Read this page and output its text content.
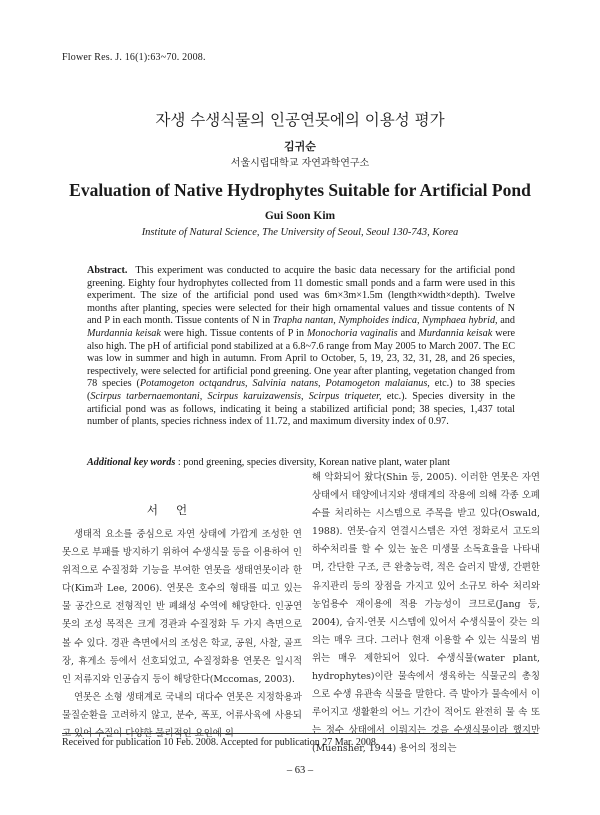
Flower Res. J. 16(1):63~70. 2008.
자생 수생식물의 인공연못에의 이용성 평가
김귀순
서울시립대학교 자연과학연구소
Evaluation of Native Hydrophytes Suitable for Artificial Pond
Gui Soon Kim
Institute of Natural Science, The University of Seoul, Seoul 130-743, Korea
Abstract. This experiment was conducted to acquire the basic data necessary for the artificial pond greening. Eighty four hydrophytes collected from 11 domestic small ponds and a farm were used in this experiment. The size of the artificial pond used was 6m×3m×1.5m (length×width×depth). Twelve months after planting, species were selected for their high ornamental values and tissue contents of N and P in each month. Tissue contents of N in Trapha nantan, Nymphoides indica, Nymphaea hybrid, and Murdannia keisak were high. Tissue contents of P in Monochoria vaginalis and Murdannia keisak were also high. The pH of artificial pond stabilized at a 6.8~7.6 range from May 2005 to March 2007. The EC was low in summer and high in autumn. From April to October, 5, 19, 23, 32, 31, 28, and 26 species, respectively, were selected for artificial pond greening. One year after planting, vegetation changed from 78 species (Potamogeton octqandrus, Salvinia natans, Potamogeton malaianus, etc.) to 38 species (Scirpus tarbernaemontani, Scirpus karuizawensis, Scirpus triqueter, etc.). Species diversity in the artificial pond was as follows, indicating it being a stabilized artificial pond; 38 species, 1,437 total number of plants, species richness index of 11.72, and maximum diversity index of 0.97.
Additional key words : pond greening, species diversity, Korean native plant, water plant
서언

생태적 요소를 중심으로 자연 상태에 가깝게 조성한 연못으로 부패를 방지하기 위하여 수생식물 등을 이용하여 인위적으로 수질정화 기능을 부여한 연못을 생태연못이라 한다(Kim과 Lee, 2006). 연못은 호수의 형태를 띠고 있는 물 공간으로 전형적인 반 폐쇄성 수역에 해당한다. 인공연못의 조성 목적은 크게 경관과 수질정화 두 가지 측면으로 볼 수 있다. 경관 측면에서의 조성은 학교, 공원, 사찰, 골프장, 휴게소 등에서 선호되었고, 수질정화용 연못은 일시적인 저류지와 인공습지 등이 해당한다(Mccomas, 2003).

연못은 소형 생태계로 국내의 대다수 연못은 지정학용과 물질순환을 고려하지 않고, 분수, 폭포, 어류사육에 사용되고 있어 수질이 다양한 물리적인 요인에 의

해 악화되어 왔다(Shin 등, 2005). 이러한 연못은 자연 상태에서 태양에너지와 생태계의 작용에 의해 각종 오폐수를 처리하는 시스템으로 주목을 받고 있다(Oswald, 1988). 연못-습지 연결시스템은 자연 정화로서 고도의 하수처리를 할 수 있는 높은 미생물 소독효율을 나타내며, 간단한 구조, 큰 완충능력, 적은 슬러지 발생, 간편한 유지관리 등의 장점을 가지고 있어 소규모 하수 처리와 농업용수 재이용에 적용 가능성이 크므로(Jang 등, 2004), 습지-연못 시스템에 있어서 수생식물이 갖는 의의는 매우 크다. 그러나 현재 이용할 수 있는 식물의 범위는 매우 제한되어 있다. 수생식물(water plant, hydrophytes)이란 물속에서 생육하는 식물군의 총칭으로 수생 유관속 식물을 말한다. 즉 발아가 물속에서 이루어지고 생활환의 어느 기간이 적어도 완전히 물 속 또는 정수 상태에서 이뤄지는 것을 수생식물이라 했지만(Muensher, 1944) 용어의 정의는

Received for publication 10 Feb. 2008. Accepted for publication 27 Mar. 2008.
– 63 –
